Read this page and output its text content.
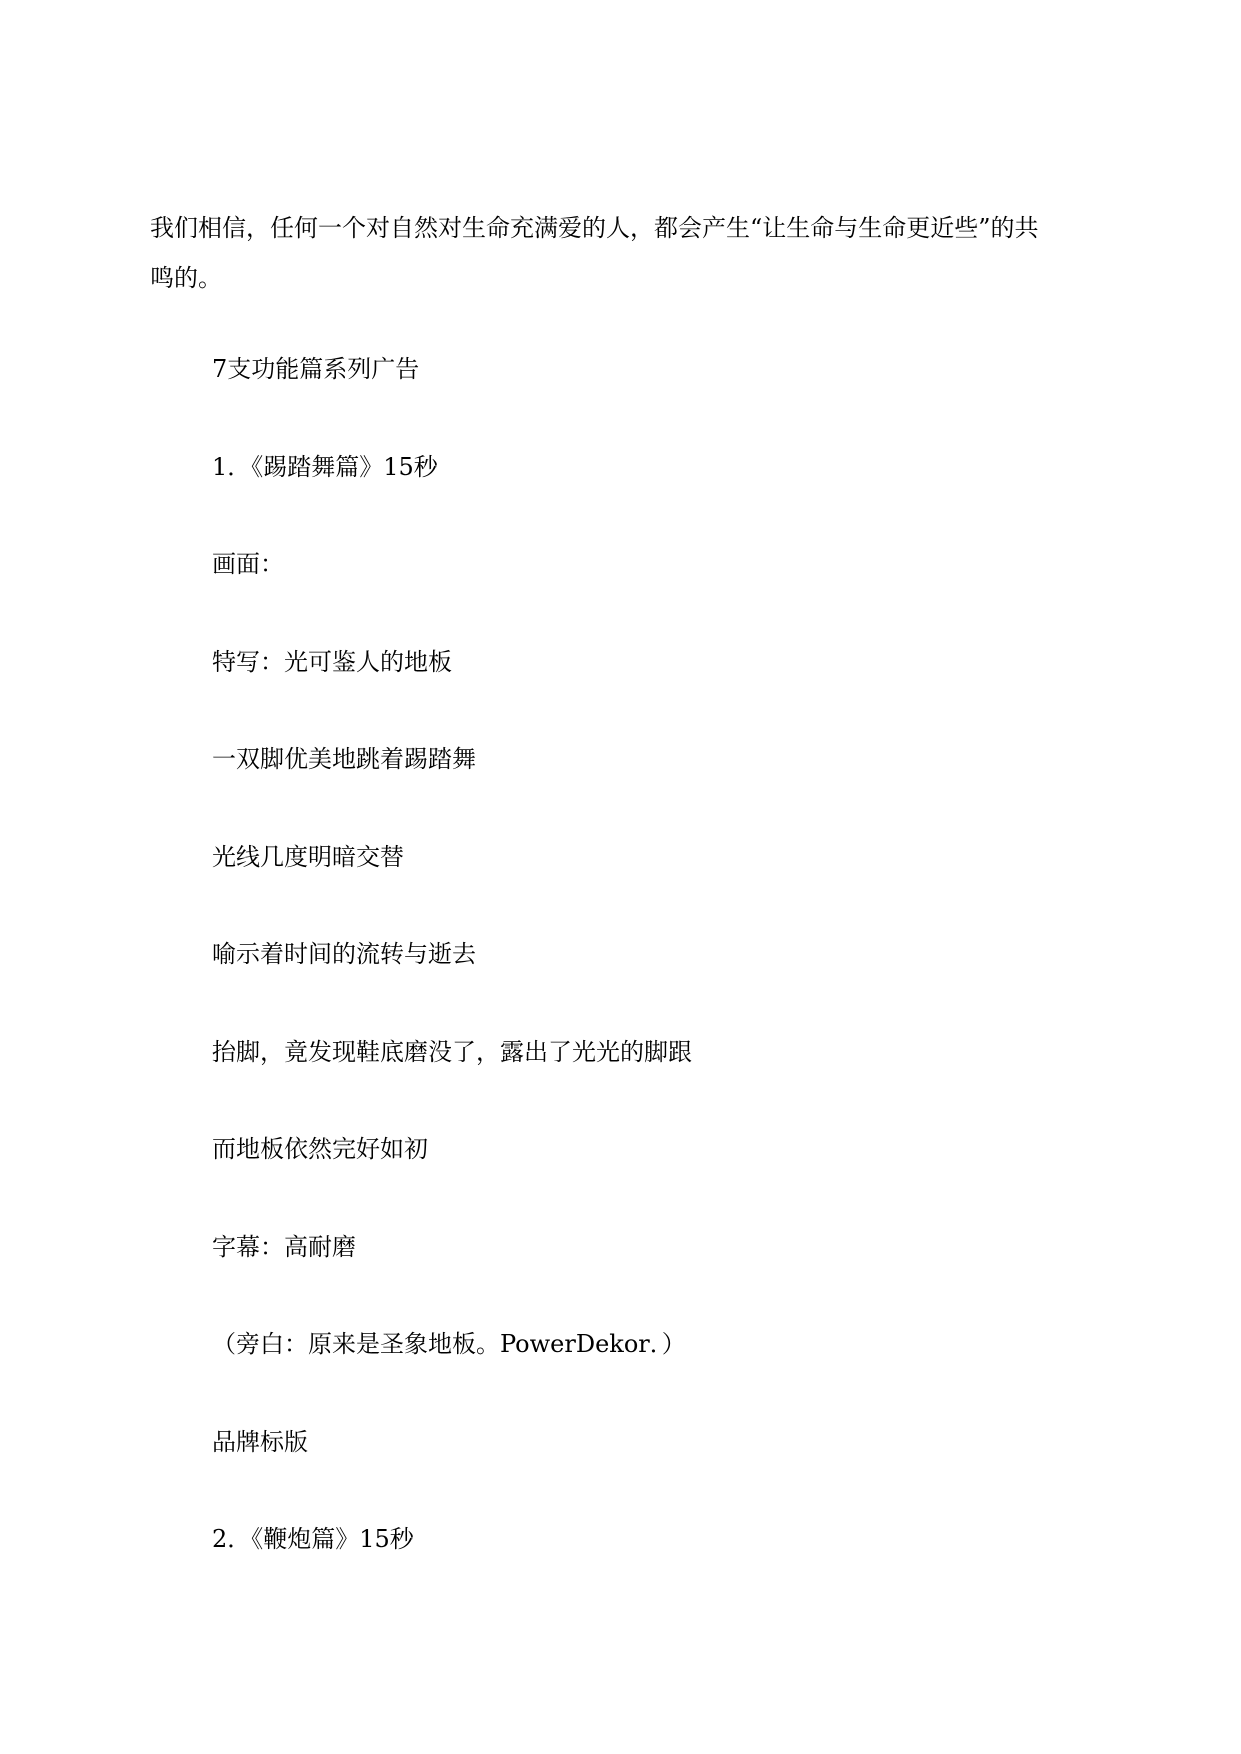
我们相信，任何一个对自然对生命充满爱的人，都会产生“让生命与生命更近些”的共
鸣的。

7支功能篇系列广告
1．《踢踏舞篇》15秒
画面：
特写：光可鉴人的地板
一双脚优美地跳着踢踏舞
光线几度明暗交替
喻示着时间的流转与逝去
抬脚，竟发现鞋底磨没了，露出了光光的脚跟
而地板依然完好如初
字幕：高耐磨
（旁白：原来是圣象地板。PowerDekor．）
品牌标版
2．《鞭炮篇》15秒
